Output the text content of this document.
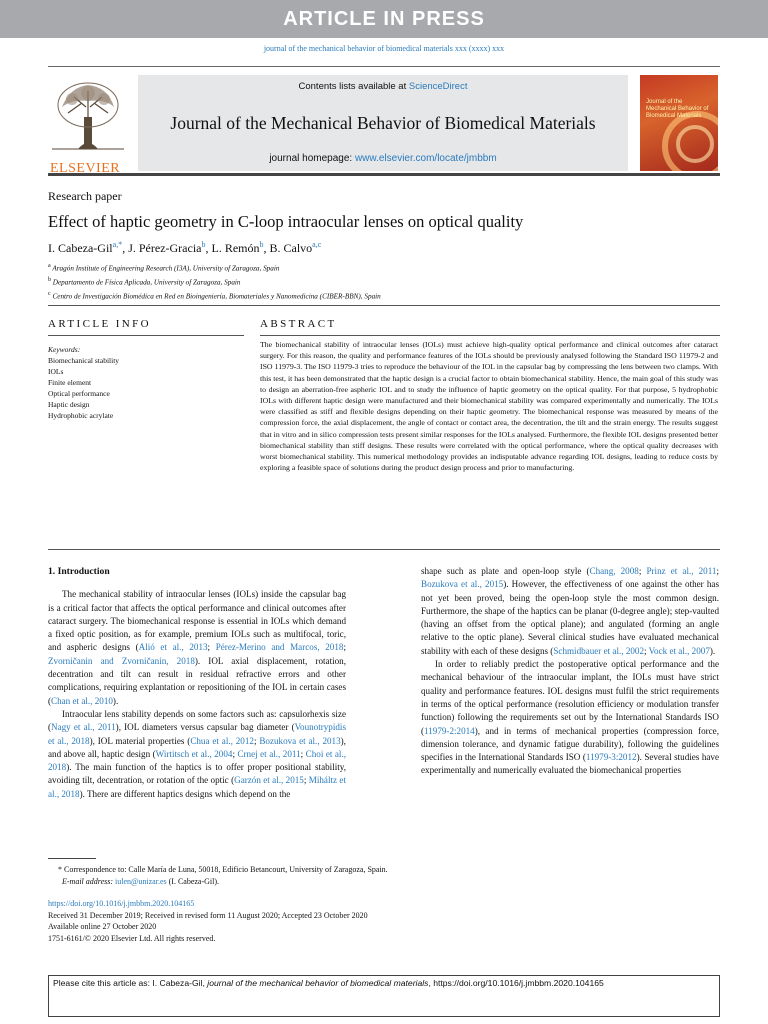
ARTICLE IN PRESS
journal of the mechanical behavior of biomedical materials xxx (xxxx) xxx
ELSEVIER
Contents lists available at ScienceDirect
Journal of the Mechanical Behavior of Biomedical Materials
journal homepage: www.elsevier.com/locate/jmbbm
Journal of the Mechanical Behavior of Biomedical Materials
Research paper
Effect of haptic geometry in C-loop intraocular lenses on optical quality
I. Cabeza-Gil$^{a,*}$, J. Pérez-Gracia$^b$, L. Remón$^b$, B. Calvo$^{a,c}$
$^a$ Aragón Institute of Engineering Research (I3A), University of Zaragoza, Spain
$^b$ Departamento de Física Aplicada, University of Zaragoza, Spain
$^c$ Centro de Investigación Biomédica en Red en Bioingeniería, Biomateriales y Nanomedicina (CIBER-BBN), Spain
ARTICLE INFO
Keywords:
Biomechanical stability
IOLs
Finite element
Optical performance
Haptic design
Hydrophobic acrylate
ABSTRACT
The biomechanical stability of intraocular lenses (IOLs) must achieve high-quality optical performance and clinical outcomes after cataract surgery. For this reason, the quality and performance features of the IOLs should be previously analysed following the Standard ISO 11979-2 and ISO 11979-3. The ISO 11979-3 tries to reproduce the behaviour of the IOL in the capsular bag by compressing the lens between two clamps. With this test, it has been demonstrated that the haptic design is a crucial factor to obtain biomechanical stability. Hence, the main goal of this study was to design an aberration-free aspheric IOL and to study the influence of haptic geometry on the optical quality. For that purpose, 5 hydrophobic IOLs with different haptic design were manufactured and their biomechanical stability was compared experimentally and numerically. The IOLs were classified as stiff and flexible designs depending on their haptic geometry. The biomechanical response was measured by means of the compression force, the axial displacement, the angle of contact or contact area, the decentration, the tilt and the strain energy. The results suggest that in vitro and in silico compression tests present similar responses for the IOLs analysed. Furthermore, the flexible IOL designs presented better biomechanical stability than stiff designs. These results were correlated with the optical performance, where the optical quality decreases with worst biomechanical stability. This numerical methodology provides an indisputable advance regarding IOL designs, leading to reduce costs by exploring a feasible space of solutions during the product design process and prior to manufacturing.
1. Introduction
The mechanical stability of intraocular lenses (IOLs) inside the capsular bag is a critical factor that affects the optical performance and clinical outcomes after cataract surgery. The biomechanical response is essential in IOLs which demand a fixed optic position, as for example, premium IOLs such as multifocal, toric, and aspheric designs (Alió et al., 2013; Pérez-Merino and Marcos, 2018; Zvorničanin and Zvorničanin, 2018). IOL axial displacement, rotation, decentration and tilt can result in residual refractive errors and other complications, requiring explantation or repositioning of the IOL in certain cases (Chan et al., 2010).
Intraocular lens stability depends on some factors such as: capsulorhexis size (Nagy et al., 2011), IOL diameters versus capsular bag diameter (Vounotrypidis et al., 2018), IOL material properties (Chua et al., 2012; Bozukova et al., 2013), and above all, haptic design (Wirtitsch et al., 2004; Crnej et al., 2011; Choi et al., 2018). The main function of the haptics is to offer proper positional stability, avoiding tilt, decentration, or rotation of the optic (Garzón et al., 2015; Miháltz et al., 2018). There are different haptics designs which depend on the
shape such as plate and open-loop style (Chang, 2008; Prinz et al., 2011; Bozukova et al., 2015). However, the effectiveness of one against the other has not yet been proved, being the open-loop style the most common design. Furthermore, the shape of the haptics can be planar (0-degree angle); step-vaulted (having an offset from the optical plane); and angulated (forming an angle relative to the optic plane). Several clinical studies have evaluated mechanical stability with each of these designs (Schmidbauer et al., 2002; Vock et al., 2007).
In order to reliably predict the postoperative optical performance and the mechanical behaviour of the intraocular implant, the IOLs must have strict quality and performance features. IOL designs must fulfil the strict requirements in terms of the optical performance (resolution efficiency or modulation transfer function) following the requirements set out by the International Standards ISO (11979-2:2014), and in terms of mechanical properties (compression force, dimension tolerance, and dynamic fatigue durability), following the guidelines specifies in the International Standards ISO (11979-3:2012). Several studies have experimentally and numerically evaluated the biomechanical properties
* Correspondence to: Calle María de Luna, 50018, Edificio Betancourt, University of Zaragoza, Spain.
E-mail address: iulen@unizar.es (I. Cabeza-Gil).
https://doi.org/10.1016/j.jmbbm.2020.104165
Received 31 December 2019; Received in revised form 11 August 2020; Accepted 23 October 2020
Available online 27 October 2020
1751-6161/© 2020 Elsevier Ltd. All rights reserved.
Please cite this article as: I. Cabeza-Gil, journal of the mechanical behavior of biomedical materials, https://doi.org/10.1016/j.jmbbm.2020.104165
